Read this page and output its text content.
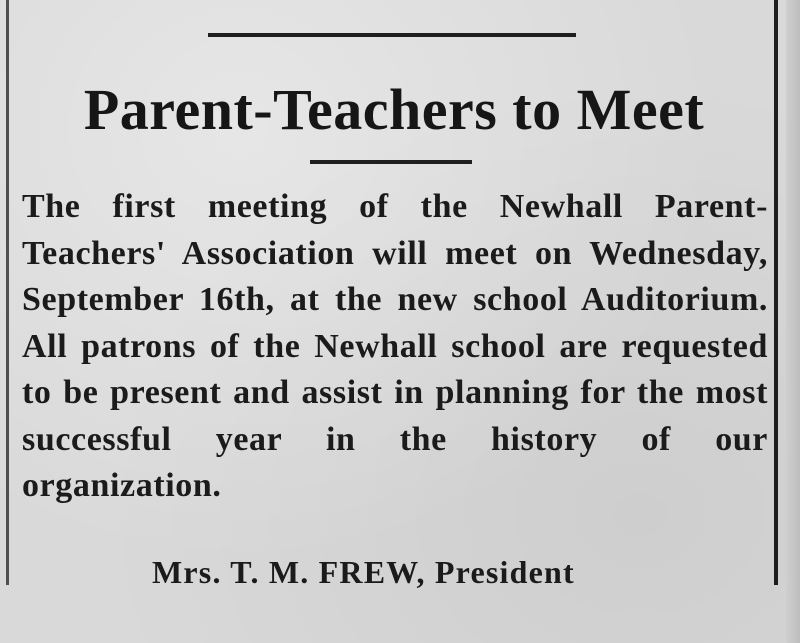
Parent-Teachers to Meet
The first meeting of the Newhall Parent-Teachers' Association will meet on Wednesday, September 16th, at the new school Auditorium. All patrons of the Newhall school are requested to be present and assist in planning for the most successful year in the history of our organization.
Mrs. T. M. FREW, President
